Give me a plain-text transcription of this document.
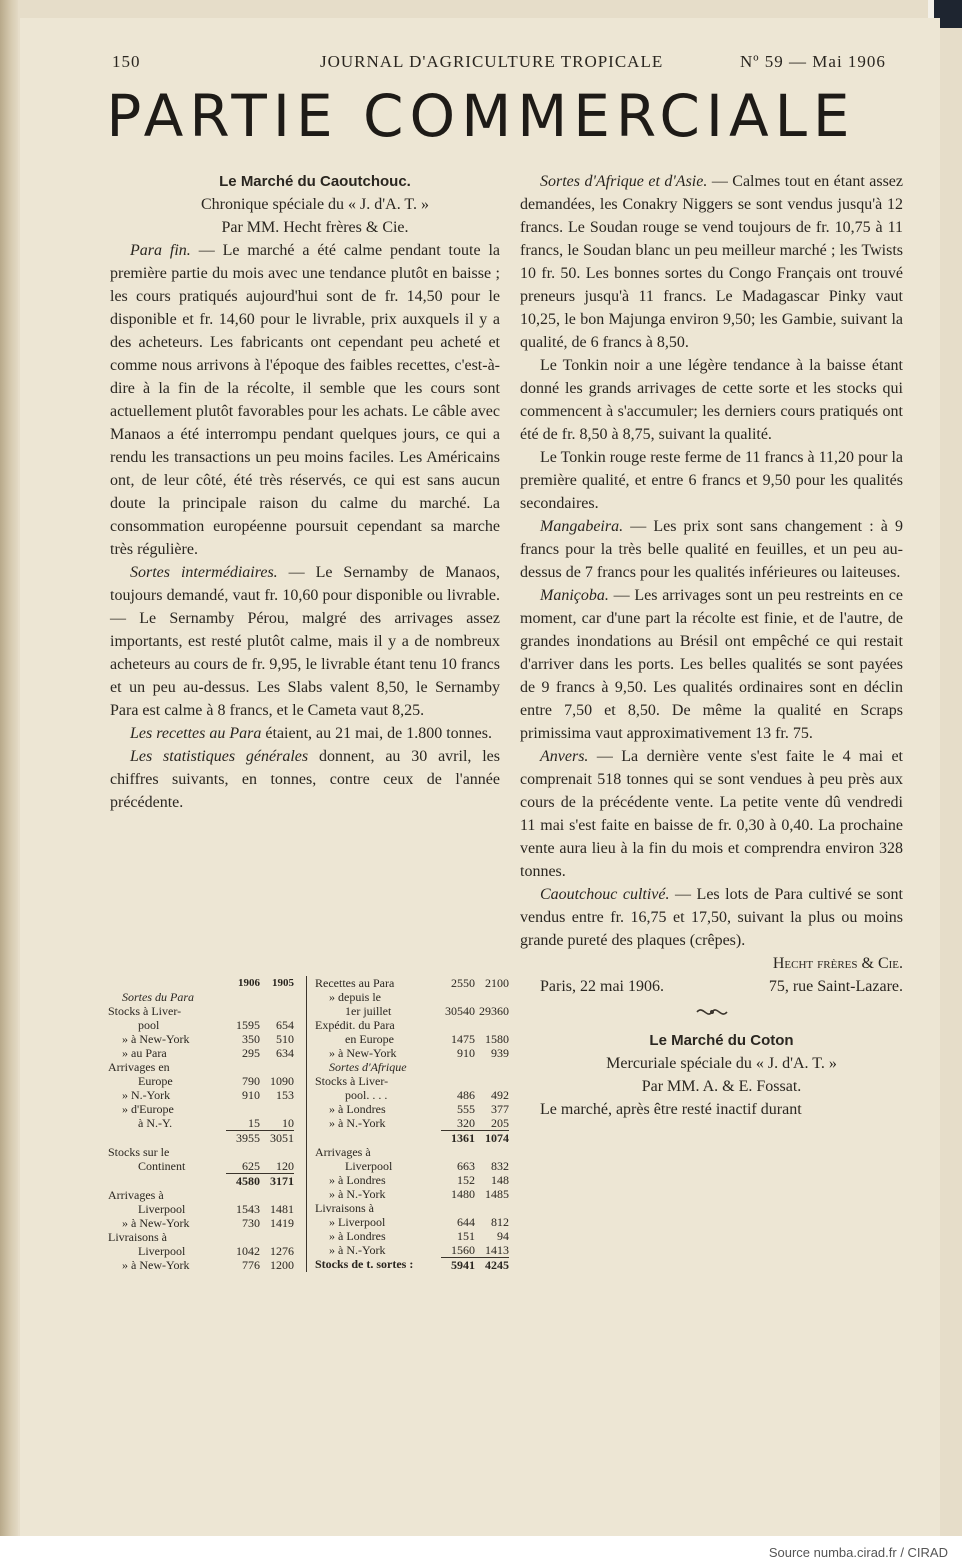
150	JOURNAL D'AGRICULTURE TROPICALE	Nº 59 — Mai 1906
PARTIE COMMERCIALE

Le Marché du Caoutchouc.

Chronique spéciale du « J. d'A. T. »

Par MM. Hecht frères & Cie.

Para fin. — Le marché a été calme pendant toute la première partie du mois avec une tendance plutôt en baisse ; les cours pratiqués aujourd'hui sont de fr. 14,50 pour le disponible et fr. 14,60 pour le livrable, prix auxquels il y a des acheteurs. Les fabricants ont cependant peu acheté et comme nous arrivons à l'époque des faibles recettes, c'est-à-dire à la fin de la récolte, il semble que les cours sont actuellement plutôt favorables pour les achats. Le câble avec Manaos a été interrompu pendant quelques jours, ce qui a rendu les transactions un peu moins faciles. Les Américains ont, de leur côté, été très réservés, ce qui est sans aucun doute la principale raison du calme du marché. La consommation européenne poursuit cependant sa marche très régulière.

Sortes intermédiaires. — Le Sernamby de Manaos, toujours demandé, vaut fr. 10,60 pour disponible ou livrable. — Le Sernamby Pérou, malgré des arrivages assez importants, est resté plutôt calme, mais il y a de nombreux acheteurs au cours de fr. 9,95, le livrable étant tenu 10 francs et un peu au-dessus. Les Slabs valent 8,50, le Sernamby Para est calme à 8 francs, et le Cameta vaut 8,25.

Les recettes au Para étaient, au 21 mai, de 1.800 tonnes.

Les statistiques générales donnent, au 30 avril, les chiffres suivants, en tonnes, contre ceux de l'année précédente.

1906	1905
Sortes du Para
Stocks à Liver-
pool	1595	654
» à New-York	350	510
» au Para	295	634
Arrivages en
Europe	790 1090
» N.-York	910	153
» d'Europe
à N.-Y.	15	10
3955 3051
Stocks sur le
Continent	625	120
4580 3171
Arrivages à
Liverpool	1543 1481
» à New-York	730 1419
Livraisons à
Liverpool	1042 1276
» à New-York	776 1200
Recettes au Para	2550 2100
» depuis le
1er juillet	30540 29360
Expédit. du Para
en Europe	1475 1580
» à New-York	910	939
Sortes d'Afrique
Stocks à Liver-
pool. . . .	486	492
» à Londres	555	377
» à N.-York	320	205
1361 1074
Arrivages à
Liverpool	663	832
» à Londres	152	148
» à N.-York	1480 1485
Livraisons à
» Liverpool	644	812
» à Londres	151	94
» à N.-York	1560 1413
Stocks de t. sortes :	5941 4245

Sortes d'Afrique et d'Asie. — Calmes tout en étant assez demandées, les Conakry Niggers se sont vendus jusqu'à 12 francs. Le Soudan rouge se vend toujours de fr. 10,75 à 11 francs, le Soudan blanc un peu meilleur marché ; les Twists 10 fr. 50. Les bonnes sortes du Congo Français ont trouvé preneurs jusqu'à 11 francs. Le Madagascar Pinky vaut 10,25, le bon Majunga environ 9,50; les Gambie, suivant la qualité, de 6 francs à 8,50.

Le Tonkin noir a une légère tendance à la baisse étant donné les grands arrivages de cette sorte et les stocks qui commencent à s'accumuler; les derniers cours pratiqués ont été de fr. 8,50 à 8,75, suivant la qualité.

Le Tonkin rouge reste ferme de 11 francs à 11,20 pour la première qualité, et entre 6 francs et 9,50 pour les qualités secondaires.

Mangabeira. — Les prix sont sans changement : à 9 francs pour la très belle qualité en feuilles, et un peu au-dessus de 7 francs pour les qualités inférieures ou laiteuses.

Maniçoba. — Les arrivages sont un peu restreints en ce moment, car d'une part la récolte est finie, et de l'autre, de grandes inondations au Brésil ont empêché ce qui restait d'arriver dans les ports. Les belles qualités se sont payées de 9 francs à 9,50. Les qualités ordinaires sont en déclin entre 7,50 et 8,50. De même la qualité en Scraps primissima vaut approximativement 13 fr. 75.

Anvers. — La dernière vente s'est faite le 4 mai et comprenait 518 tonnes qui se sont vendues à peu près aux cours de la précédente vente. La petite vente dû vendredi 11 mai s'est faite en baisse de fr. 0,30 à 0,40. La prochaine vente aura lieu à la fin du mois et comprendra environ 328 tonnes.

Caoutchouc cultivé. — Les lots de Para cultivé se sont vendus entre fr. 16,75 et 17,50, suivant la plus ou moins grande pureté des plaques (crêpes).

Hecht frères & Cie.

Paris, 22 mai 1906.	75, rue Saint-Lazare.

Le Marché du Coton

Mercuriale spéciale du « J. d'A. T. »

Par MM. A. & E. Fossat.

Le marché, après être resté inactif durant

Source numba.cirad.fr / CIRAD
